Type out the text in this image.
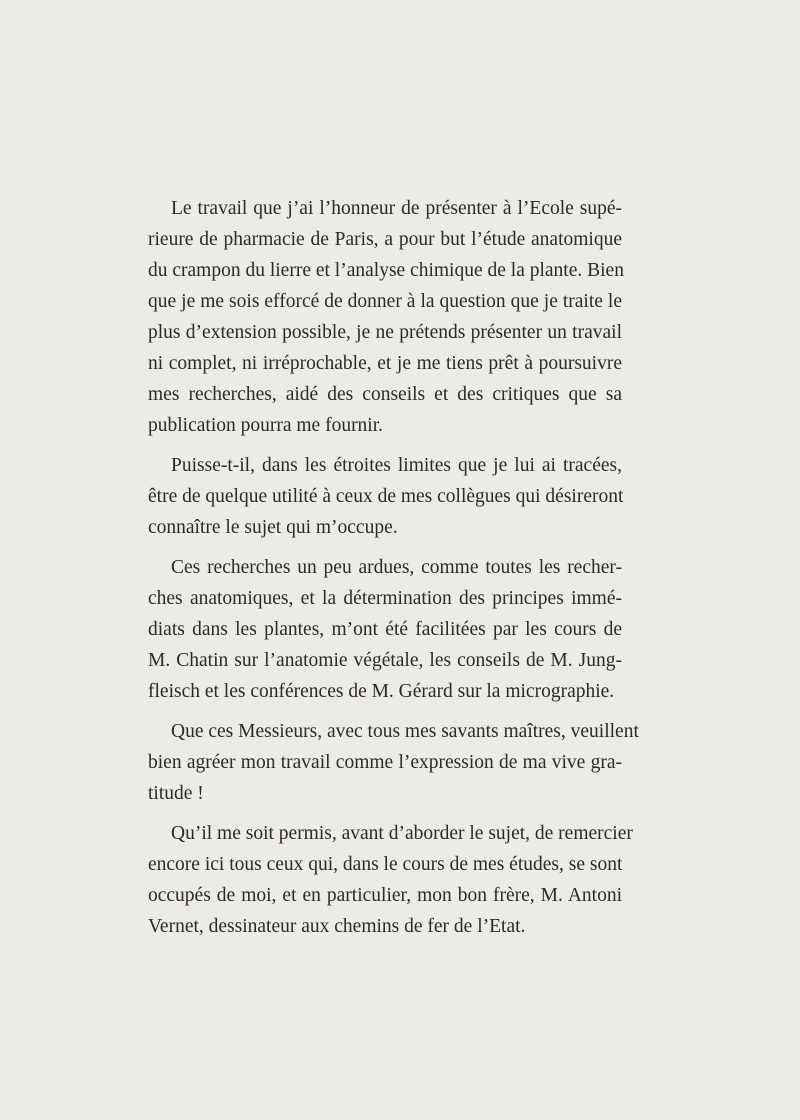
Le travail que j’ai l’honneur de présenter à l’Ecole supé-
rieure de pharmacie de Paris, a pour but l’étude anatomique
du crampon du lierre et l’analyse chimique de la plante. Bien
que je me sois efforcé de donner à la question que je traite le
plus d’extension possible, je ne prétends présenter un travail
ni complet, ni irréprochable, et je me tiens prêt à poursuivre
mes recherches, aidé des conseils et des critiques que sa
publication pourra me fournir.
Puisse-t-il, dans les étroites limites que je lui ai tracées,
être de quelque utilité à ceux de mes collègues qui désireront
connaître le sujet qui m’occupe.
Ces recherches un peu ardues, comme toutes les recher-
ches anatomiques, et la détermination des principes immé-
diats dans les plantes, m’ont été facilitées par les cours de
M. Chatin sur l’anatomie végétale, les conseils de M. Jung-
fleisch et les conférences de M. Gérard sur la micrographie.
Que ces Messieurs, avec tous mes savants maîtres, veuillent
bien agréer mon travail comme l’expression de ma vive gra-
titude !
Qu’il me soit permis, avant d’aborder le sujet, de remercier
encore ici tous ceux qui, dans le cours de mes études, se sont
occupés de moi, et en particulier, mon bon frère, M. Antoni
Vernet, dessinateur aux chemins de fer de l’Etat.
